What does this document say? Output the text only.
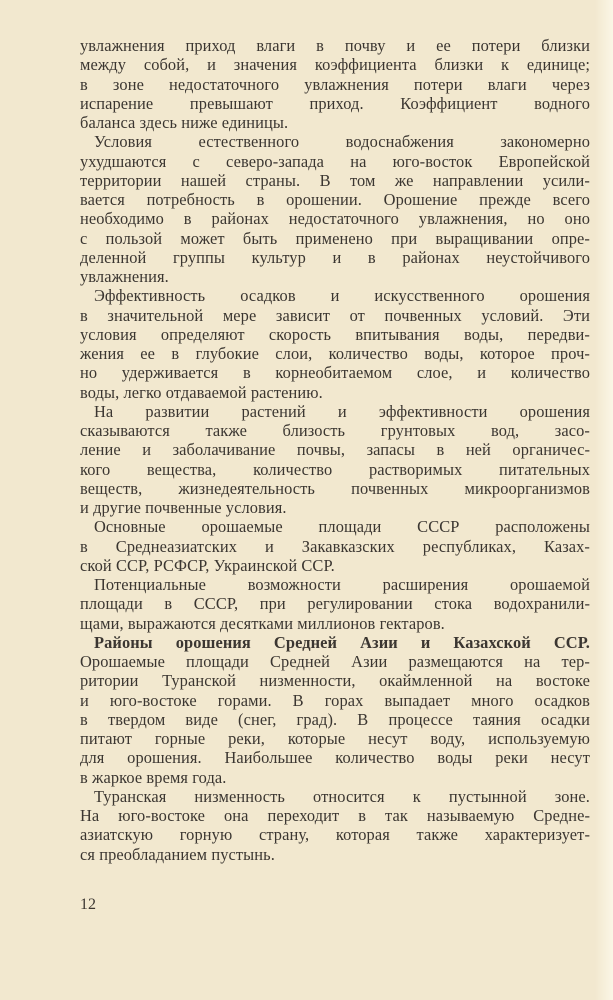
увлажнения приход влаги в почву и ее потери близки
между собой, и значения коэффициента близки к единице;
в зоне недостаточного увлажнения потери влаги через
испарение превышают приход. Коэффициент водного
баланса здесь ниже единицы.
Условия естественного водоснабжения закономерно
ухудшаются с северо-запада на юго-восток Европейской
территории нашей страны. В том же направлении усили-
вается потребность в орошении. Орошение прежде всего
необходимо в районах недостаточного увлажнения, но оно
с пользой может быть применено при выращивании опре-
деленной группы культур и в районах неустойчивого
увлажнения.
Эффективность осадков и искусственного орошения
в значительной мере зависит от почвенных условий. Эти
условия определяют скорость впитывания воды, передви-
жения ее в глубокие слои, количество воды, которое проч-
но удерживается в корнеобитаемом слое, и количество
воды, легко отдаваемой растению.
На развитии растений и эффективности орошения
сказываются также близость грунтовых вод, засо-
ление и заболачивание почвы, запасы в ней органичес-
кого вещества, количество растворимых питательных
веществ, жизнедеятельность почвенных микроорганизмов
и другие почвенные условия.
Основные орошаемые площади СССР расположены
в Среднеазиатских и Закавказских республиках, Казах-
ской ССР, РСФСР, Украинской ССР.
Потенциальные возможности расширения орошаемой
площади в СССР, при регулировании стока водохранили-
щами, выражаются десятками миллионов гектаров.
Районы орошения Средней Азии и Казахской ССР.
Орошаемые площади Средней Азии размещаются на тер-
ритории Туранской низменности, окаймленной на востоке
и юго-востоке горами. В горах выпадает много осадков
в твердом виде (снег, град). В процессе таяния осадки
питают горные реки, которые несут воду, используемую
для орошения. Наибольшее количество воды реки несут
в жаркое время года.
Туранская низменность относится к пустынной зоне.
На юго-востоке она переходит в так называемую Средне-
азиатскую горную страну, которая также характеризует-
ся преобладанием пустынь.
12
